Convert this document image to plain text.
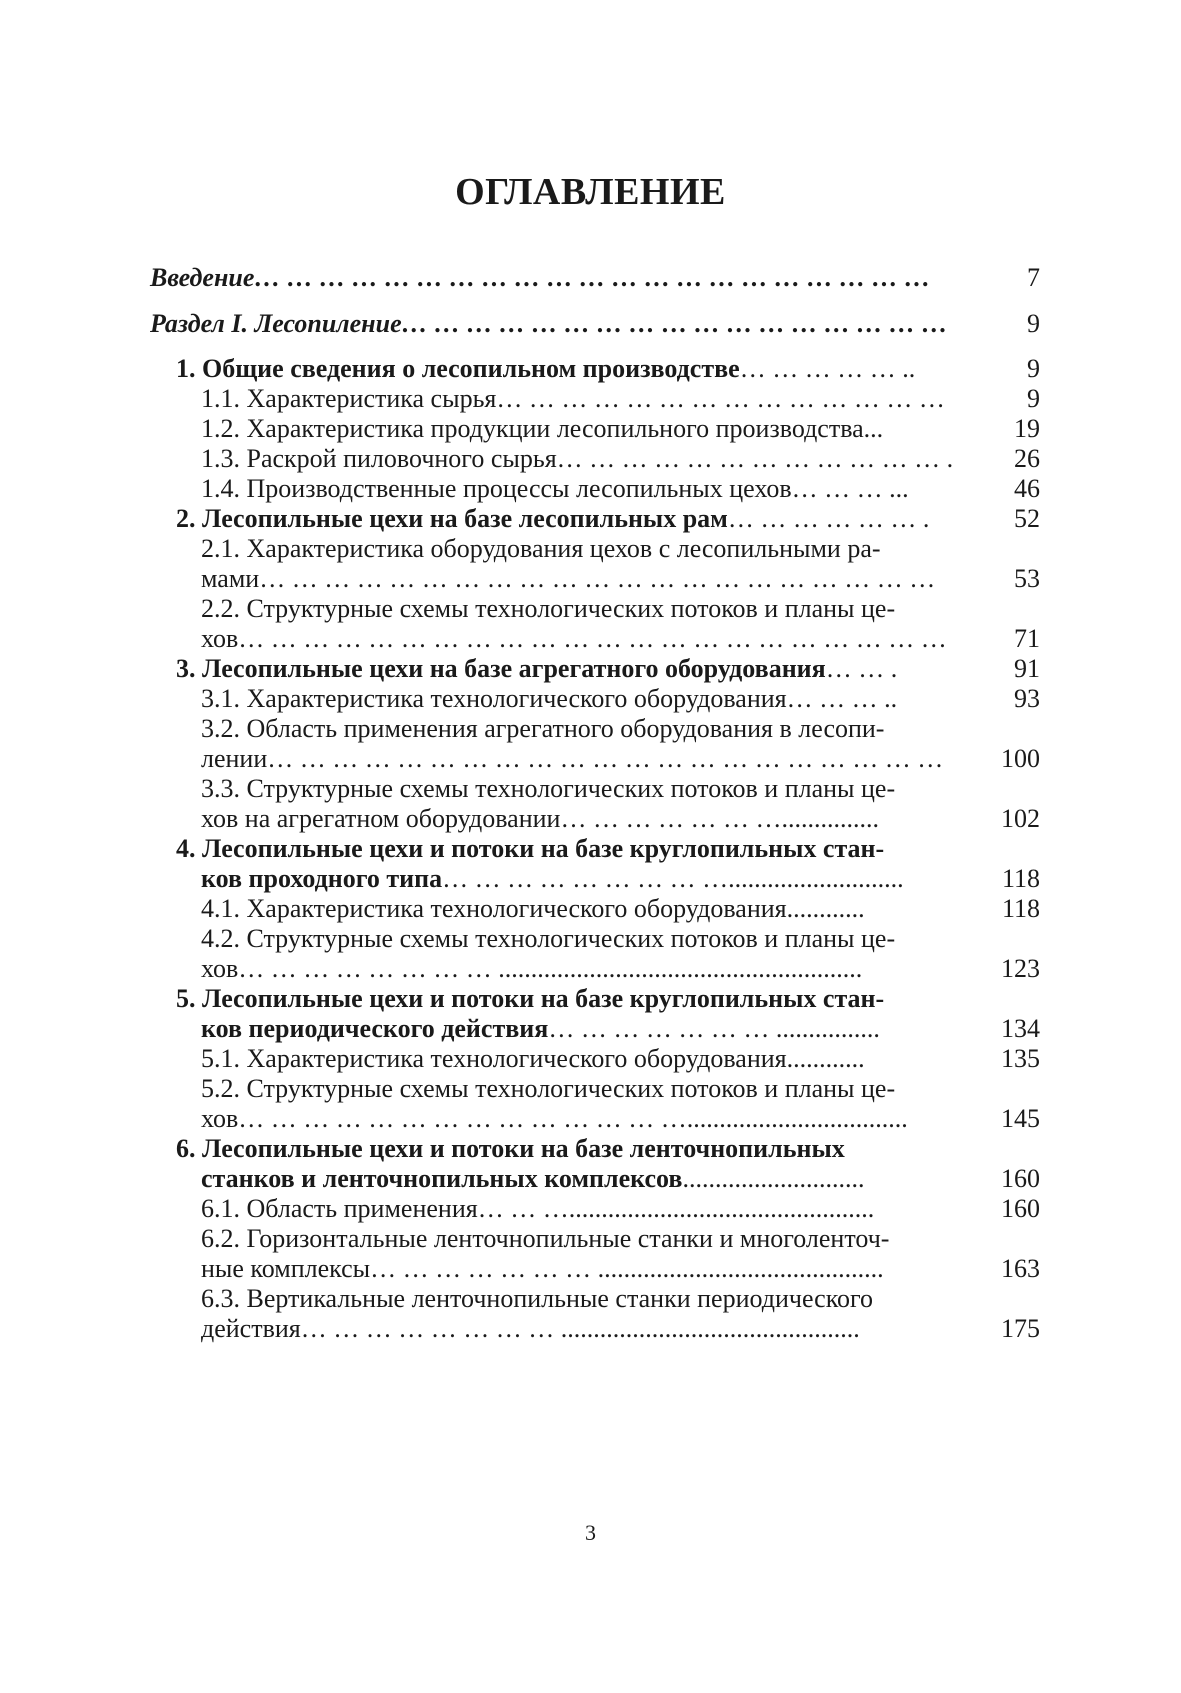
ОГЛАВЛЕНИЕ
Введение… … … … … … … … … … … … … … … … … … … … …	7
Раздел I. Лесопиление… … … … … … … … … … … … … … … … …	9
1. Общие сведения о лесопильном производстве… … … … … ..	9
1.1. Характеристика сырья… … … … … … … … … … … … … …	9
1.2. Характеристика продукции лесопильного производства...	19
1.3. Раскрой пиловочного сырья… … … … … … … … … … … … .	26
1.4. Производственные процессы лесопильных цехов… … … ...	46
2. Лесопильные цехи на базе лесопильных рам… … … … … … .	52
2.1. Характеристика оборудования цехов с лесопильными ра-
мами… … … … … … … … … … … … … … … … … … … … …	53
2.2. Структурные схемы технологических потоков и планы це-
хов… … … … … … … … … … … … … … … … … … … … … …	71
3. Лесопильные цехи на базе агрегатного оборудования… … .	91
3.1. Характеристика технологического оборудования… … … ..	93
3.2. Область применения агрегатного оборудования в лесопи-
лении… … … … … … … … … … … … … … … … … … … … …	100
3.3. Структурные схемы технологических потоков и планы це-
хов на агрегатном оборудовании… … … … … … …...............	102
4. Лесопильные цехи и потоки на базе круглопильных стан-
ков проходного типа… … … … … … … … …...........................	118
4.1. Характеристика технологического оборудования............	118
4.2. Структурные схемы технологических потоков и планы це-
хов… … … … … … … … ........................................................	123
5. Лесопильные цехи и потоки на базе круглопильных стан-
ков периодического действия… … … … … … … ................	134
5.1. Характеристика технологического оборудования............	135
5.2. Структурные схемы технологических потоков и планы це-
хов… … … … … … … … … … … … … …..................................	145
6. Лесопильные цехи и потоки на базе ленточнопильных
станков и ленточнопильных комплексов............................	160
6.1. Область применения… … …...............................................	160
6.2. Горизонтальные ленточнопильные станки и многоленточ-
ные комплексы… … … … … … … ............................................	163
6.3. Вертикальные ленточнопильные станки периодического
действия… … … … … … … … ..............................................	175
3
